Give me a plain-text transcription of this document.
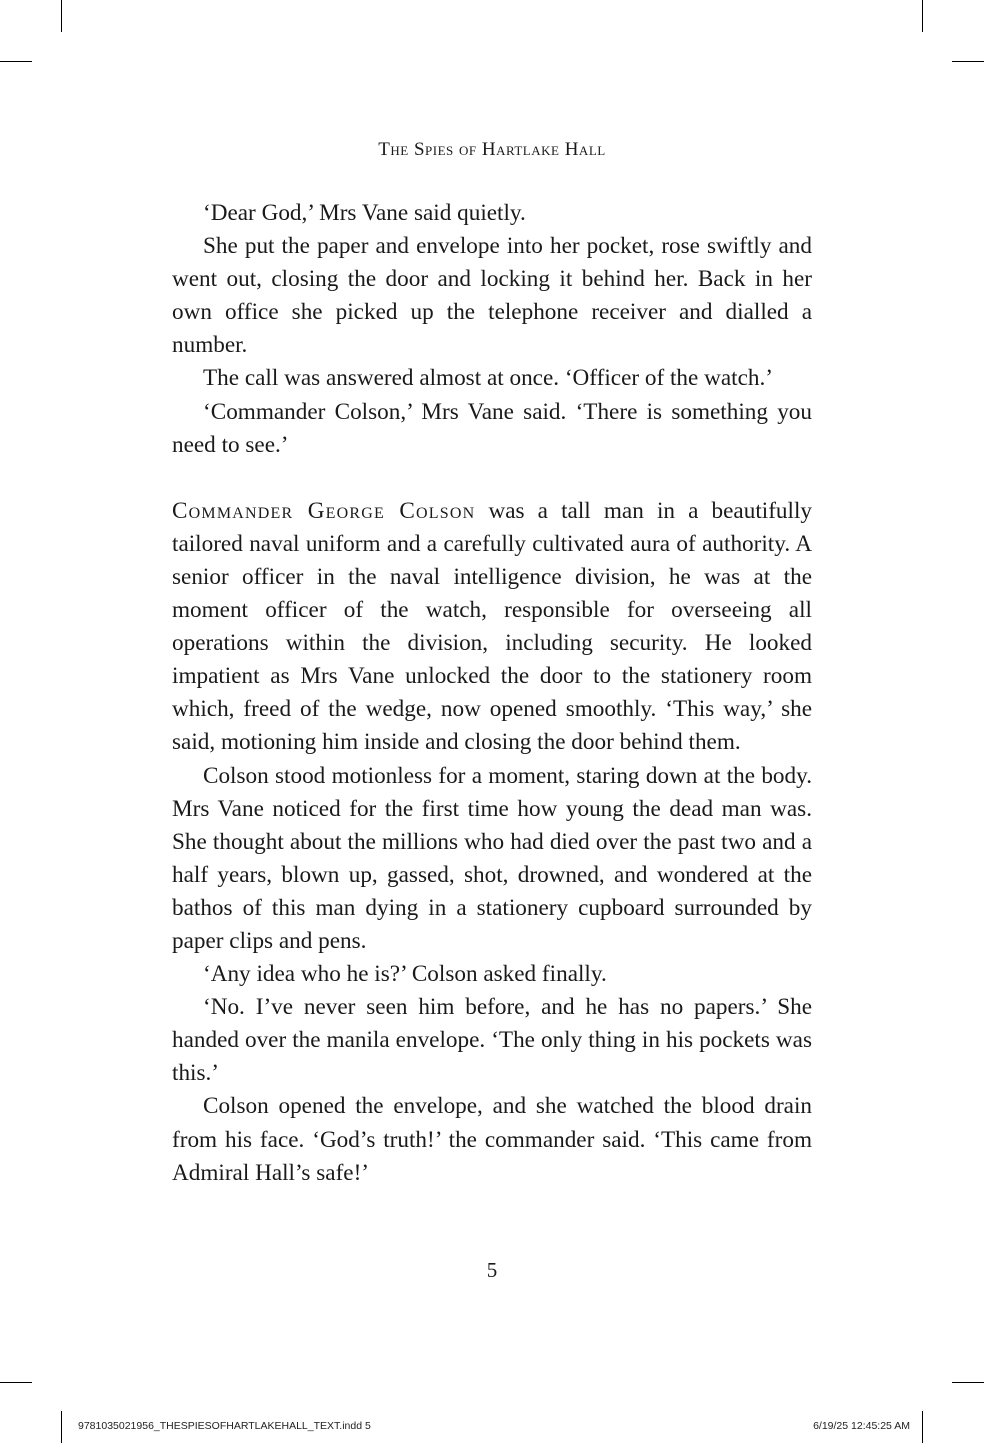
The Spies of Hartlake Hall

‘Dear God,’ Mrs Vane said quietly.

She put the paper and envelope into her pocket, rose swiftly and went out, closing the door and locking it behind her. Back in her own office she picked up the telephone receiver and dialled a number.

The call was answered almost at once. ‘Officer of the watch.’

‘Commander Colson,’ Mrs Vane said. ‘There is something you need to see.’

Commander George Colson was a tall man in a beautifully tailored naval uniform and a carefully cultivated aura of authority. A senior officer in the naval intelligence division, he was at the moment officer of the watch, responsible for overseeing all operations within the division, including security. He looked impatient as Mrs Vane unlocked the door to the stationery room which, freed of the wedge, now opened smoothly. ‘This way,’ she said, motioning him inside and closing the door behind them.

Colson stood motionless for a moment, staring down at the body. Mrs Vane noticed for the first time how young the dead man was. She thought about the millions who had died over the past two and a half years, blown up, gassed, shot, drowned, and wondered at the bathos of this man dying in a stationery cupboard surrounded by paper clips and pens.

‘Any idea who he is?’ Colson asked finally.

‘No. I’ve never seen him before, and he has no papers.’ She handed over the manila envelope. ‘The only thing in his pockets was this.’

Colson opened the envelope, and she watched the blood drain from his face. ‘God’s truth!’ the commander said. ‘This came from Admiral Hall’s safe!’

5
9781035021956_THESPIESOFHARTLAKEHALL_TEXT.indd 5	6/19/25 12:45:25 AM
